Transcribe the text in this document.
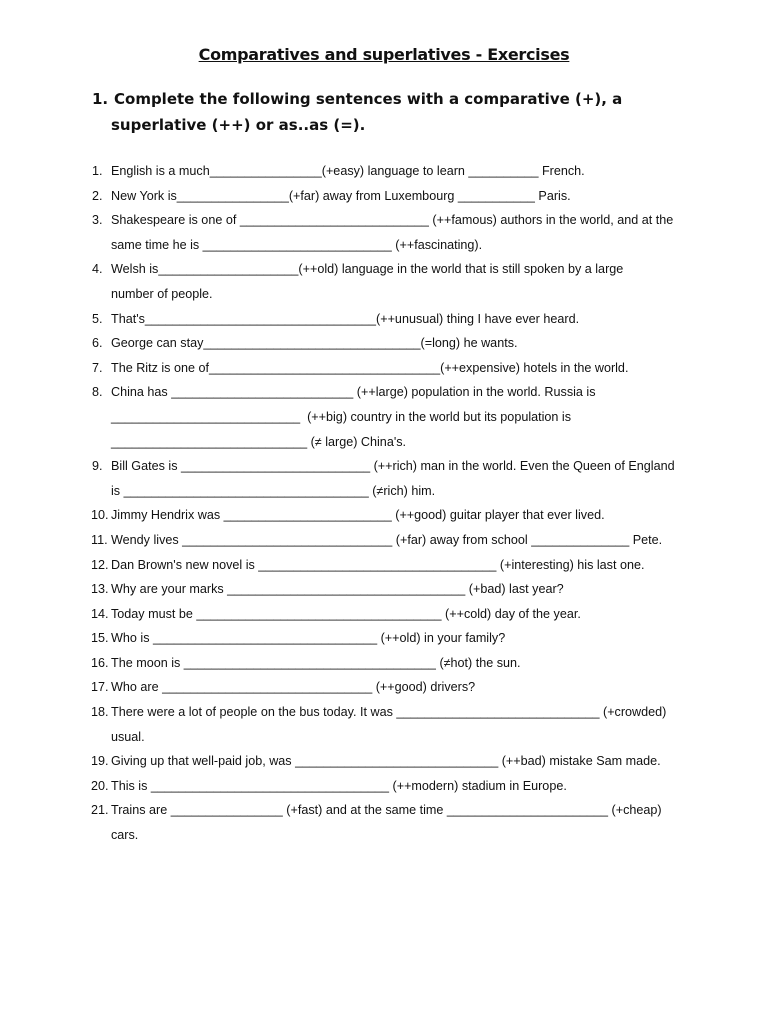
Comparatives and superlatives - Exercises
1. Complete the following sentences with a comparative (+), a
superlative (++) or as..as (=).
1. English is a much________________(+easy) language to learn __________ French.
2. New York is________________(+far) away from Luxembourg ___________ Paris.
3. Shakespeare is one of ___________________________ (++famous) authors in the world, and at the
same time he is ___________________________ (++fascinating).
4. Welsh is____________________(++old) language in the world that is still spoken by a large
number of people.
5. That's_________________________________(++unusual) thing I have ever heard.
6. George can stay_______________________________(=long) he wants.
7. The Ritz is one of_________________________________(++expensive) hotels in the world.
8. China has __________________________ (++large) population in the world. Russia is
___________________________  (++big) country in the world but its population is
____________________________ (≠ large) China's.
9. Bill Gates is ___________________________ (++rich) man in the world. Even the Queen of England
is ___________________________________ (≠rich) him.
10. Jimmy Hendrix was ________________________ (++good) guitar player that ever lived.
11. Wendy lives ______________________________ (+far) away from school ______________ Pete.
12. Dan Brown's new novel is __________________________________ (+interesting) his last one.
13. Why are your marks __________________________________ (+bad) last year?
14. Today must be ___________________________________ (++cold) day of the year.
15. Who is ________________________________ (++old) in your family?
16. The moon is ____________________________________ (≠hot) the sun.
17. Who are ______________________________ (++good) drivers?
18. There were a lot of people on the bus today. It was _____________________________ (+crowded)
usual.
19. Giving up that well-paid job, was _____________________________ (++bad) mistake Sam made.
20. This is __________________________________ (++modern) stadium in Europe.
21. Trains are ________________ (+fast) and at the same time _______________________ (+cheap)
cars.
